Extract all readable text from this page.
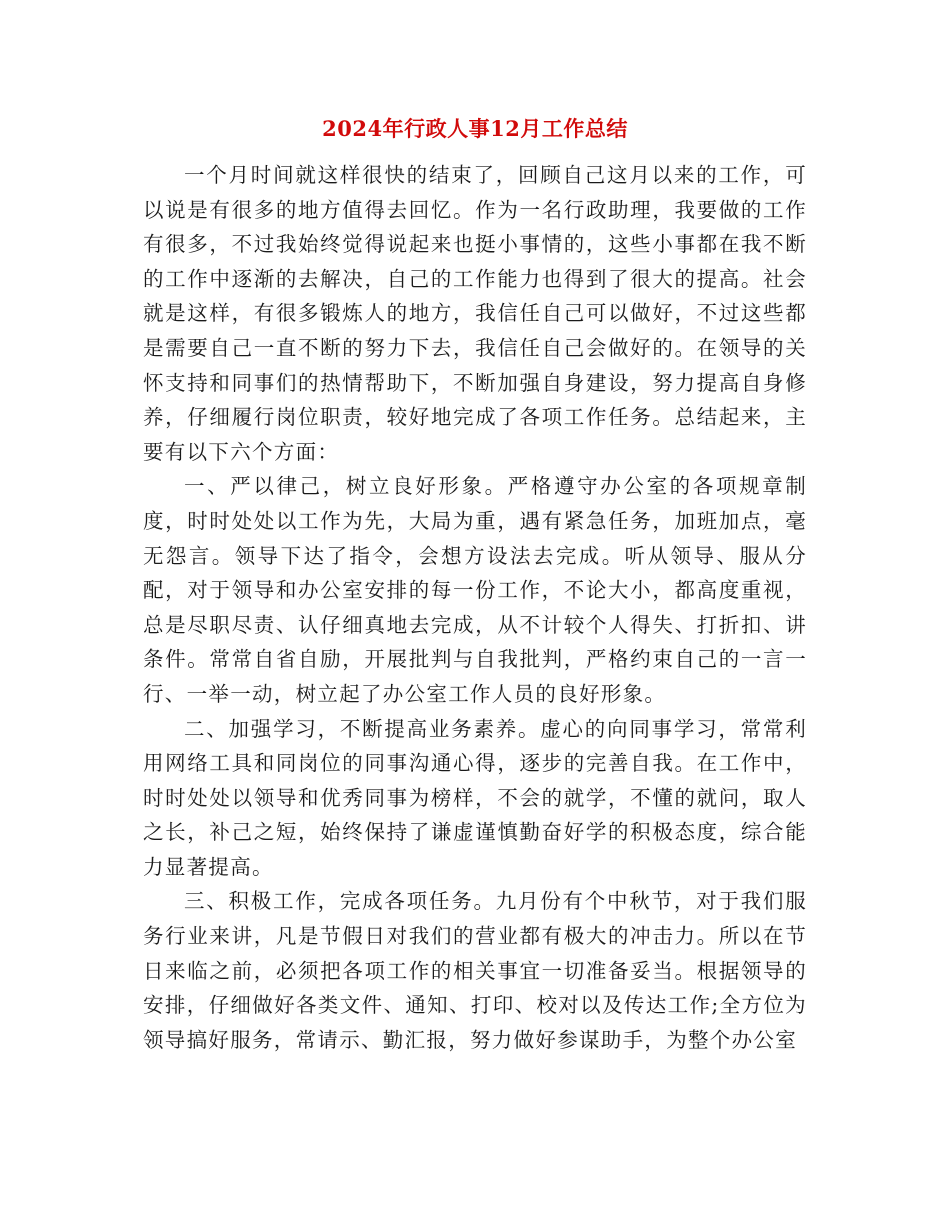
2024年行政人事12月工作总结

一个月时间就这样很快的结束了，回顾自己这月以来的工作，可以说是有很多的地方值得去回忆。作为一名行政助理，我要做的工作有很多，不过我始终觉得说起来也挺小事情的，这些小事都在我不断的工作中逐渐的去解决，自己的工作能力也得到了很大的提高。社会就是这样，有很多锻炼人的地方，我信任自己可以做好，不过这些都是需要自己一直不断的努力下去，我信任自己会做好的。在领导的关怀支持和同事们的热情帮助下，不断加强自身建设，努力提高自身修养，仔细履行岗位职责，较好地完成了各项工作任务。总结起来，主要有以下六个方面：

一、严以律己，树立良好形象。严格遵守办公室的各项规章制度，时时处处以工作为先，大局为重，遇有紧急任务，加班加点，毫无怨言。领导下达了指令，会想方设法去完成。听从领导、服从分配，对于领导和办公室安排的每一份工作，不论大小，都高度重视，总是尽职尽责、认仔细真地去完成，从不计较个人得失、打折扣、讲条件。常常自省自励，开展批判与自我批判，严格约束自己的一言一行、一举一动，树立起了办公室工作人员的良好形象。

二、加强学习，不断提高业务素养。虚心的向同事学习，常常利用网络工具和同岗位的同事沟通心得，逐步的完善自我。在工作中，时时处处以领导和优秀同事为榜样，不会的就学，不懂的就问，取人之长，补己之短，始终保持了谦虚谨慎勤奋好学的积极态度，综合能力显著提高。

三、积极工作，完成各项任务。九月份有个中秋节，对于我们服务行业来讲，凡是节假日对我们的营业都有极大的冲击力。所以在节日来临之前，必须把各项工作的相关事宜一切准备妥当。根据领导的安排，仔细做好各类文件、通知、打印、校对以及传达工作;全方位为领导搞好服务，常请示、勤汇报，努力做好参谋助手，为整个办公室
